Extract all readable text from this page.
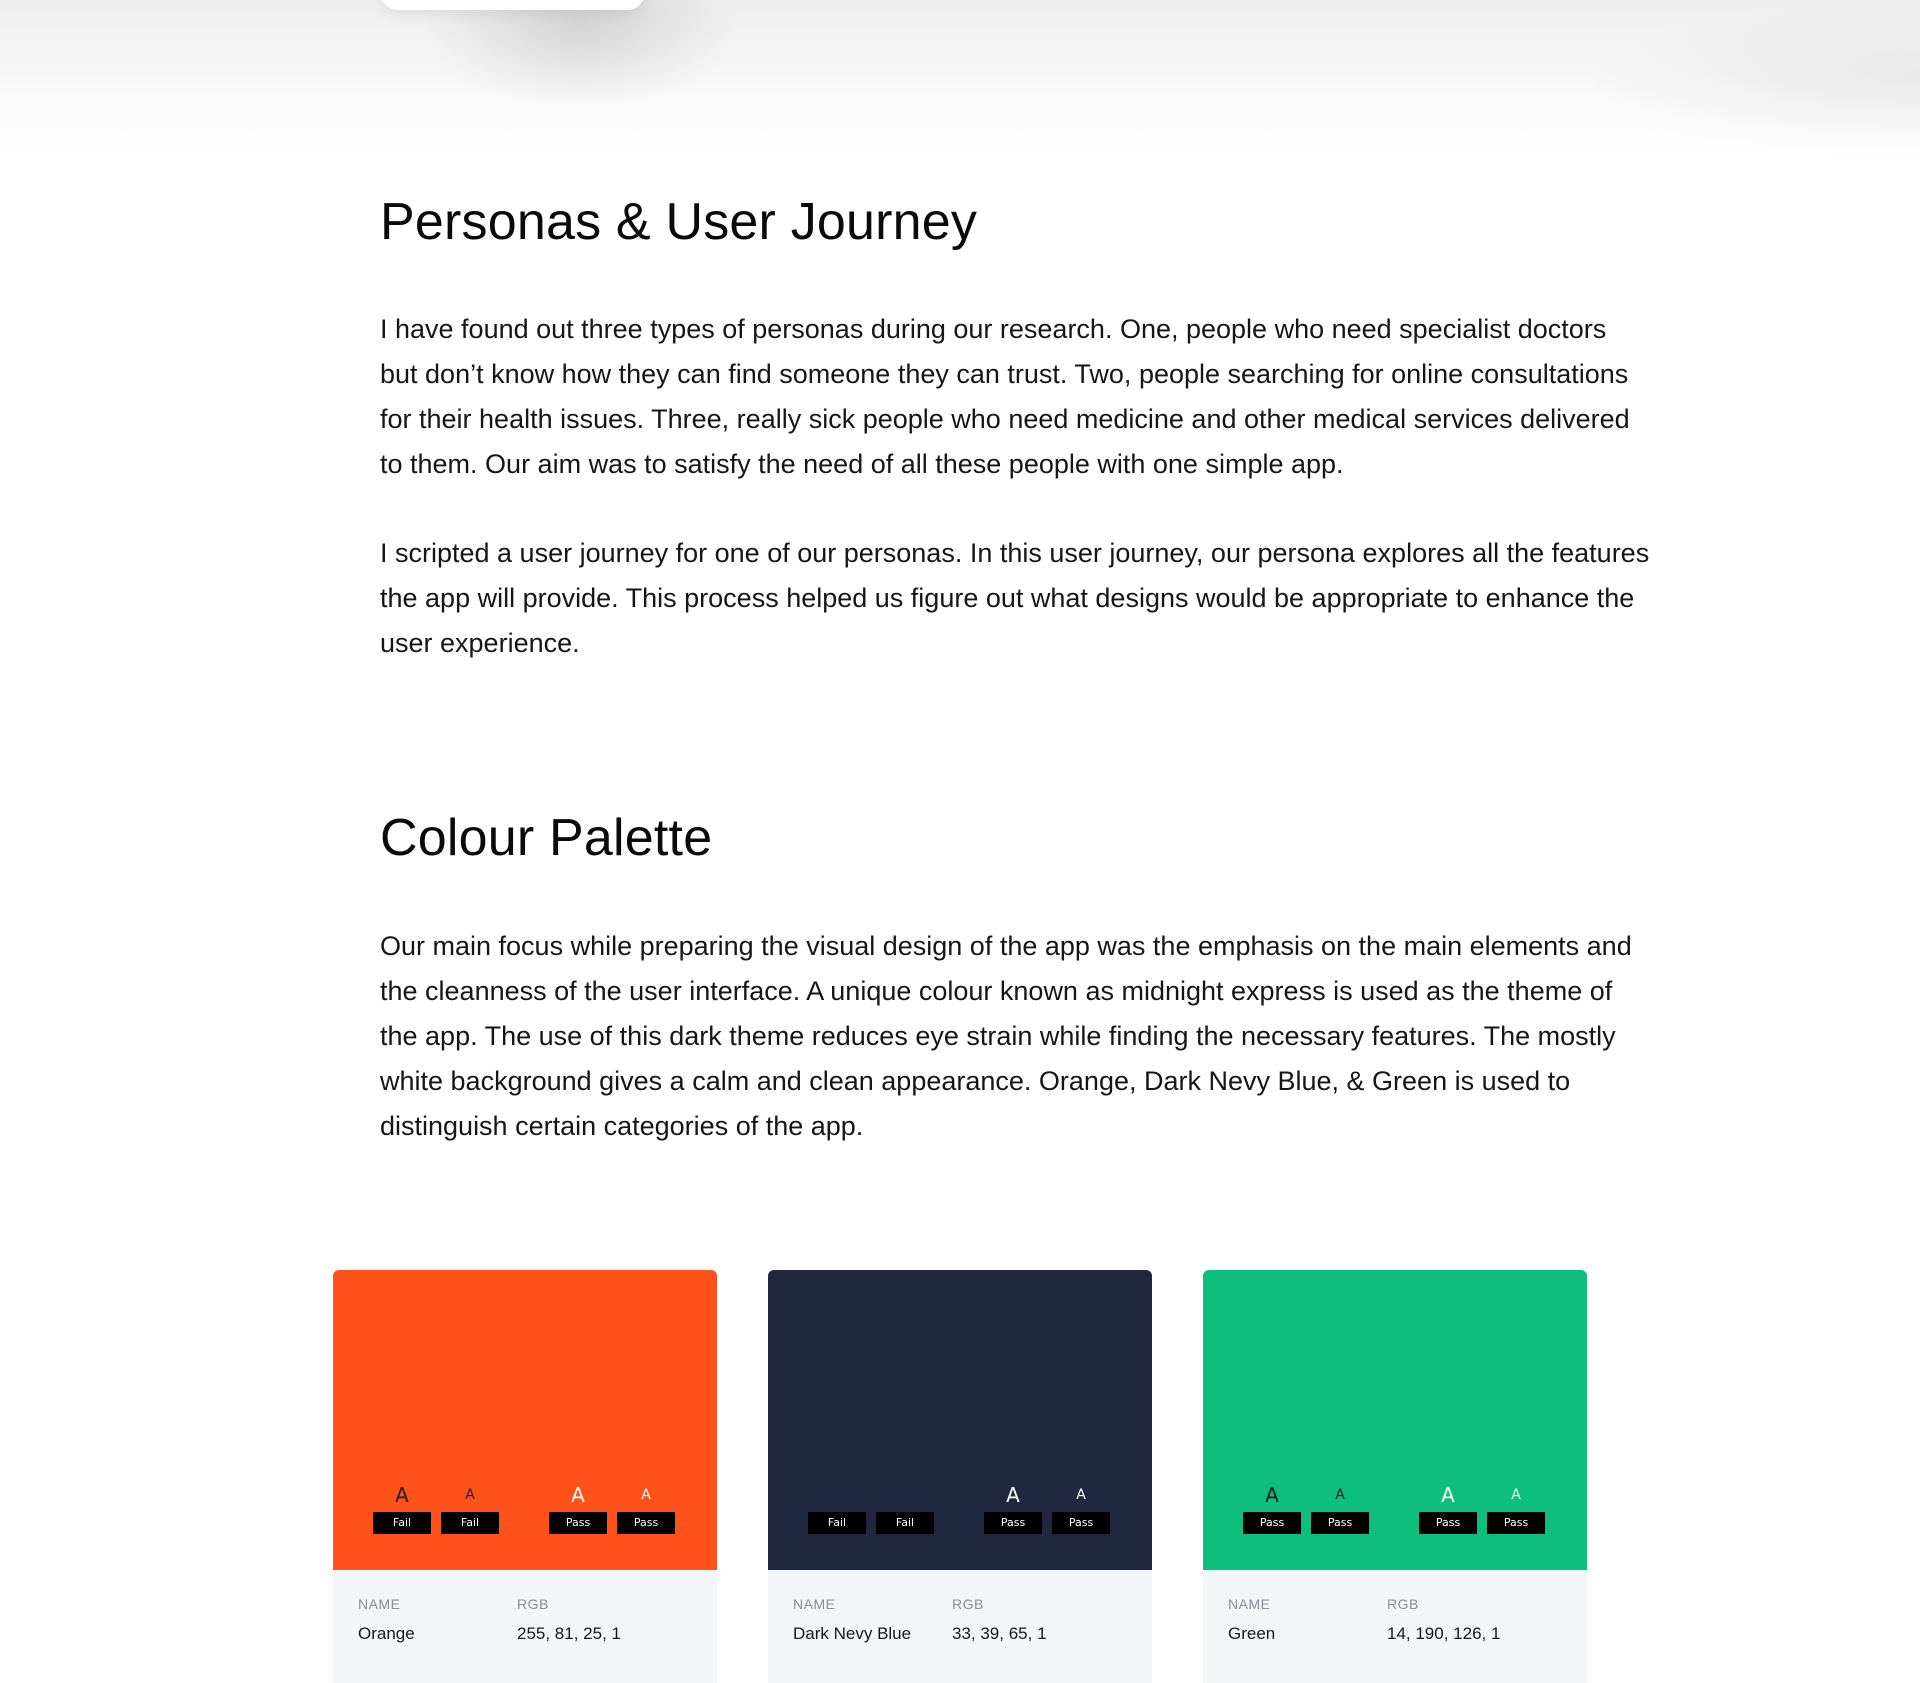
Personas & User Journey

I have found out three types of personas during our research. One, people who need specialist doctors but don’t know how they can find someone they can trust. Two, people searching for online consultations for their health issues. Three, really sick people who need medicine and other medical services delivered to them. Our aim was to satisfy the need of all these people with one simple app.

I scripted a user journey for one of our personas. In this user journey, our persona explores all the features the app will provide. This process helped us figure out what designs would be appropriate to enhance the user experience.

Colour Palette

Our main focus while preparing the visual design of the app was the emphasis on the main elements and the cleanness of the user interface. A unique colour known as midnight express is used as the theme of the app. The use of this dark theme reduces eye strain while finding the necessary features. The mostly white background gives a calm and clean appearance. Orange, Dark Nevy Blue, & Green is used to distinguish certain categories of the app.

A
Fail
A
Fail
A
Pass
A
Pass
NAME	RGB
Orange	255, 81, 25, 1
A
Fail
A
Fail
A
Pass
A
Pass
NAME	RGB
Dark Nevy Blue 33, 39, 65, 1
A
Pass
A
Pass
A
Pass
A
Pass
NAME	RGB
Green	14, 190, 126, 1
